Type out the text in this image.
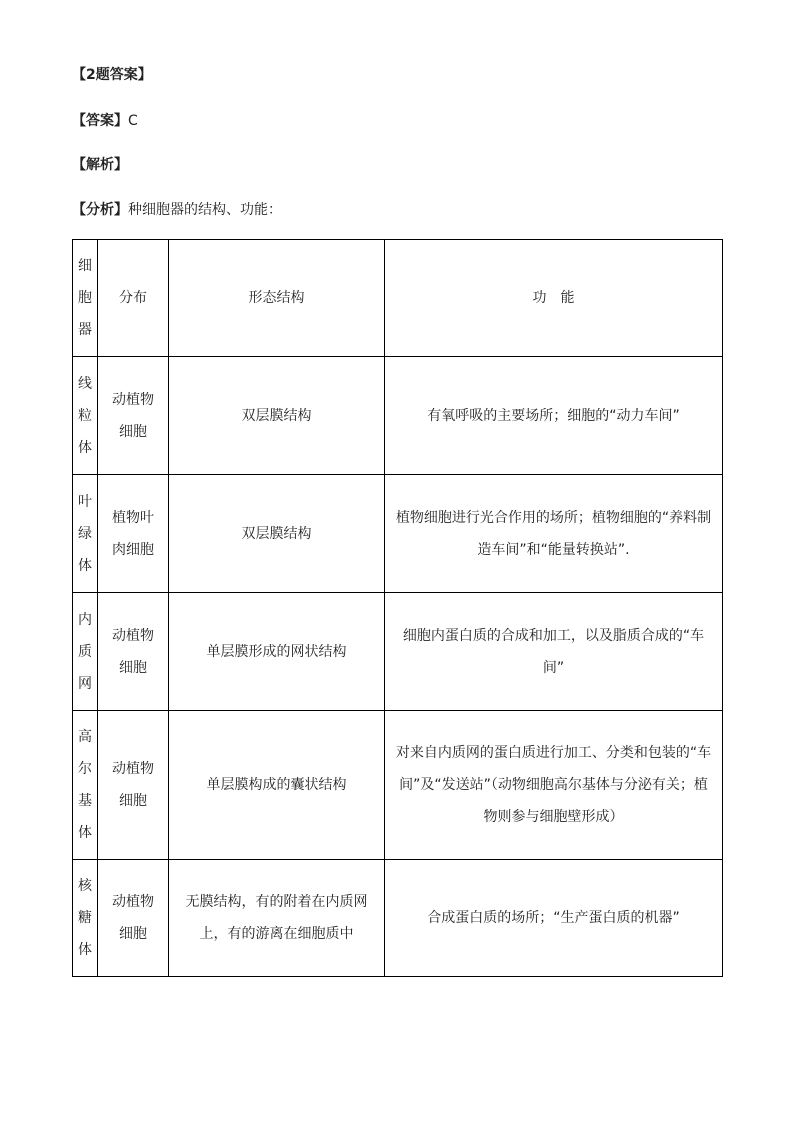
【2题答案】
【答案】C
【解析】
【分析】种细胞器的结构、功能：
细胞器	分布	形态结构	功　能
线粒体	动植物细胞	双层膜结构	有氧呼吸的主要场所；细胞的“动力车间”
叶绿体	植物叶肉细胞	双层膜结构	植物细胞进行光合作用的场所；植物细胞的“养料制造车间”和“能量转换站”.
内质网	动植物细胞	单层膜形成的网状结构	细胞内蛋白质的合成和加工，以及脂质合成的“车间”
高尔基体	动植物细胞	单层膜构成的囊状结构	对来自内质网的蛋白质进行加工、分类和包装的“车间”及“发送站”（动物细胞高尔基体与分泌有关；植物则参与细胞壁形成）
核糖体	动植物细胞	无膜结构，有的附着在内质网上，有的游离在细胞质中	合成蛋白质的场所；“生产蛋白质的机器”
